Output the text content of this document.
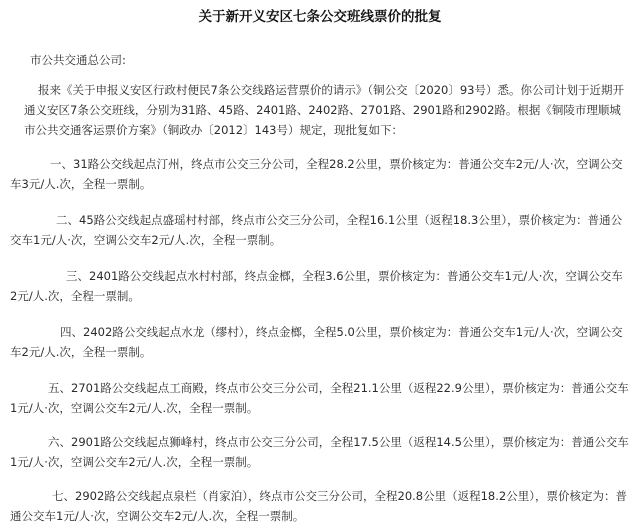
关于新开义安区七条公交班线票价的批复

市公共交通总公司:

报来《关于申报义安区行政村便民7条公交线路运营票价的请示》（铜公交〔2020〕93号）悉。你公司计划于近期开通义安区7条公交班线，分别为31路、45路、2401路、2402路、2701路、2901路和2902路。根据《铜陵市理顺城市公共交通客运票价方案》（铜政办〔2012〕143号）规定，现批复如下：

一、31路公交线起点汀州，终点市公交三分公司，全程28.2公里，票价核定为：普通公交车2元/人·次，空调公交车3元/人.次，全程一票制。

二、45路公交线起点盛瑶村村部，终点市公交三分公司，全程16.1公里（返程18.3公里），票价核定为：普通公交车1元/人·次，空调公交车2元/人.次，全程一票制。

三、2401路公交线起点水村村部，终点金榔，全程3.6公里，票价核定为：普通公交车1元/人·次，空调公交车2元/人.次，全程一票制。

四、2402路公交线起点水龙（缪村），终点金榔，全程5.0公里，票价核定为：普通公交车1元/人·次，空调公交车2元/人.次，全程一票制。

五、2701路公交线起点工商殿，终点市公交三分公司，全程21.1公里（返程22.9公里），票价核定为：普通公交车1元/人·次，空调公交车2元/人.次，全程一票制。

六、2901路公交线起点狮峰村，终点市公交三分公司，全程17.5公里（返程14.5公里），票价核定为：普通公交车1元/人·次，空调公交车2元/人.次，全程一票制。

七、2902路公交线起点泉栏（肖家泊），终点市公交三分公司，全程20.8公里（返程18.2公里），票价核定为：普通公交车1元/人·次，空调公交车2元/人.次，全程一票制。
